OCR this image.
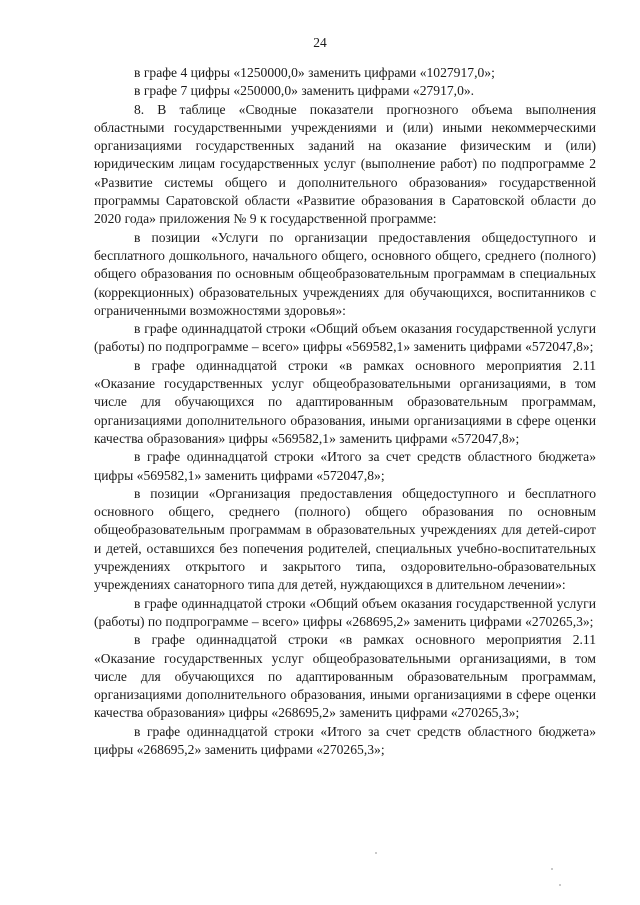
24

в графе 4 цифры «1250000,0» заменить цифрами «1027917,0»;

в графе 7 цифры «250000,0» заменить цифрами «27917,0».

8. В таблице «Сводные показатели прогнозного объема выполнения областными государственными учреждениями и (или) иными некоммерческими организациями государственных заданий на оказание физическим и (или) юридическим лицам государственных услуг (выполнение работ) по подпрограмме 2 «Развитие системы общего и дополнительного образования» государственной программы Саратовской области «Развитие образования в Саратовской области до 2020 года» приложения № 9 к государственной программе:

в позиции «Услуги по организации предоставления общедоступного и бесплатного дошкольного, начального общего, основного общего, среднего (полного) общего образования по основным общеобразовательным программам в специальных (коррекционных) образовательных учреждениях для обучающихся, воспитанников с ограниченными возможностями здоровья»:

в графе одиннадцатой строки «Общий объем оказания государственной услуги (работы) по подпрограмме – всего» цифры «569582,1» заменить цифрами «572047,8»;

в графе одиннадцатой строки «в рамках основного мероприятия 2.11 «Оказание государственных услуг общеобразовательными организациями, в том числе для обучающихся по адаптированным образовательным программам, организациями дополнительного образования, иными организациями в сфере оценки качества образования» цифры «569582,1» заменить цифрами «572047,8»;

в графе одиннадцатой строки «Итого за счет средств областного бюджета» цифры «569582,1» заменить цифрами «572047,8»;

в позиции «Организация предоставления общедоступного и бесплатного основного общего, среднего (полного) общего образования по основным общеобразовательным программам в образовательных учреждениях для детей-сирот и детей, оставшихся без попечения родителей, специальных учебно-воспитательных учреждениях открытого и закрытого типа, оздоровительно-образовательных учреждениях санаторного типа для детей, нуждающихся в длительном лечении»:

в графе одиннадцатой строки «Общий объем оказания государственной услуги (работы) по подпрограмме – всего» цифры «268695,2» заменить цифрами «270265,3»;

в графе одиннадцатой строки «в рамках основного мероприятия 2.11 «Оказание государственных услуг общеобразовательными организациями, в том числе для обучающихся по адаптированным образовательным программам, организациями дополнительного образования, иными организациями в сфере оценки качества образования» цифры «268695,2» заменить цифрами «270265,3»;

в графе одиннадцатой строки «Итого за счет средств областного бюджета» цифры «268695,2» заменить цифрами «270265,3»;
